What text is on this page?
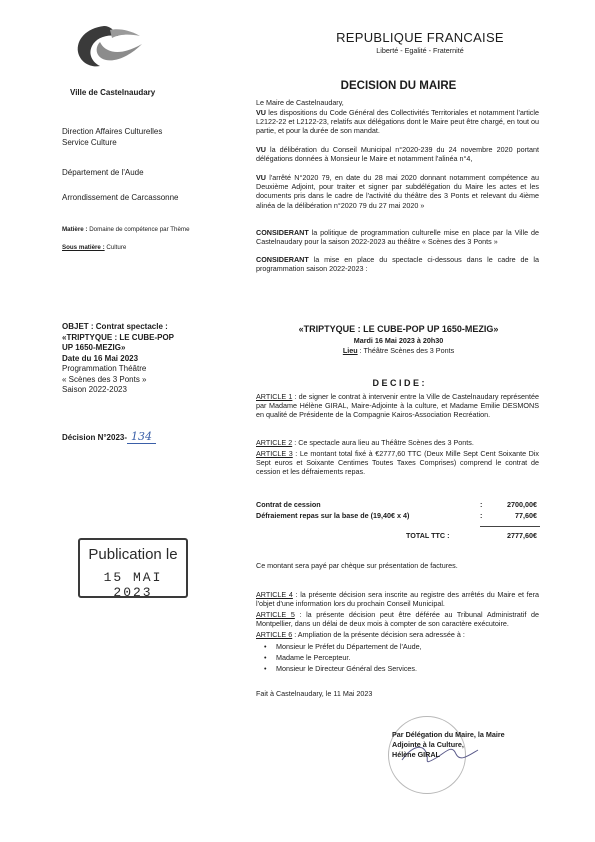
Ville de Castelnaudary
REPUBLIQUE FRANCAISE
Liberté - Egalité - Fraternité
DECISION DU MAIRE
Direction Affaires Culturelles
Service Culture
Département de l'Aude
Arrondissement de Carcassonne
Matière : Domaine de compétence par Thème
Sous matière : Culture
OBJET : Contrat spectacle :
«TRIPTYQUE : LE CUBE-POP
UP 1650-MEZIG»
Date du 16 Mai 2023
Programmation Théâtre
« Scènes des 3 Ponts »
Saison 2022-2023
Décision N°2023- 134
Publication le
15 MAI 2023
Le Maire de Castelnaudary,
VU les dispositions du Code Général des Collectivités Territoriales et notamment l'article L2122-22 et L2122-23, relatifs aux délégations dont le Maire peut être chargé, en tout ou partie, et pour la durée de son mandat.
VU la délibération du Conseil Municipal n°2020-239 du 24 novembre 2020 portant délégations données à Monsieur le Maire et notamment l'alinéa n°4,
VU l'arrêté N°2020 79, en date du 28 mai 2020 donnant notamment compétence au Deuxième Adjoint, pour traiter et signer par subdélégation du Maire les actes et les documents pris dans le cadre de l'activité du théâtre des 3 Ponts et relevant du 4ième alinéa de la délibération n°2020 79 du 27 mai 2020 »
CONSIDERANT la politique de programmation culturelle mise en place par la Ville de Castelnaudary pour la saison 2022-2023 au théâtre « Scènes des 3 Ponts »
CONSIDERANT la mise en place du spectacle ci-dessous dans le cadre de la programmation saison 2022-2023 :
«TRIPTYQUE : LE CUBE-POP UP 1650-MEZIG»
Mardi 16 Mai 2023 à 20h30
Lieu : Théâtre Scènes des 3 Ponts
D E C I D E :
ARTICLE 1 : de signer le contrat à intervenir entre la Ville de Castelnaudary représentée par Madame Hélène GIRAL, Maire-Adjointe à la culture, et Madame Emilie DESMONS en qualité de Présidente de la Compagnie Kairos-Association Recréation.
ARTICLE 2 : Ce spectacle aura lieu au Théâtre Scènes des 3 Ponts.
ARTICLE 3 : Le montant total fixé à €2777,60 TTC (Deux Mille Sept Cent Soixante Dix Sept euros et Soixante Centimes Toutes Taxes Comprises) comprend le contrat de cession et les défraiements repas.
Contrat de cession	:	2700,00€
Défraiement repas sur la base de (19,40€ x 4)	:	77,60€
TOTAL TTC :	2777,60€
Ce montant sera payé par chèque sur présentation de factures.
ARTICLE 4 : la présente décision sera inscrite au registre des arrêtés du Maire et fera l'objet d'une information lors du prochain Conseil Municipal.
ARTICLE 5 : la présente décision peut être déférée au Tribunal Administratif de Montpellier, dans un délai de deux mois à compter de son caractère exécutoire.
ARTICLE 6 : Ampliation de la présente décision sera adressée à :
• Monsieur le Préfet du Département de l'Aude,
• Madame le Percepteur.
• Monsieur le Directeur Général des Services.
Fait à Castelnaudary, le 11 Mai 2023
Par Délégation du Maire, la Maire
Adjointe à la Culture,
Hélène GIRAL
